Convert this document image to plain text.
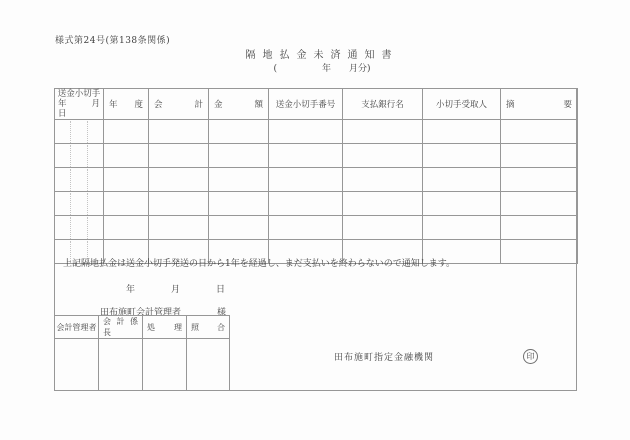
様式第24号(第138条関係)
隔地払金未済通知書
(　　　　　年　　月分)
送金小切手
年　月　日	年　度	会　計	金　額	送金小切手番号	支払銀行名	小切手受取人	摘　要

上記隔地払金は送金小切手発送の日から1年を経過し、まだ支払いを終わらないので通知します。
年　　　　月　　　　日
田布施町会計管理者　　　　様
会計管理者	会 計 係 長	処　理	照　合

田布施町指定金融機関	印
